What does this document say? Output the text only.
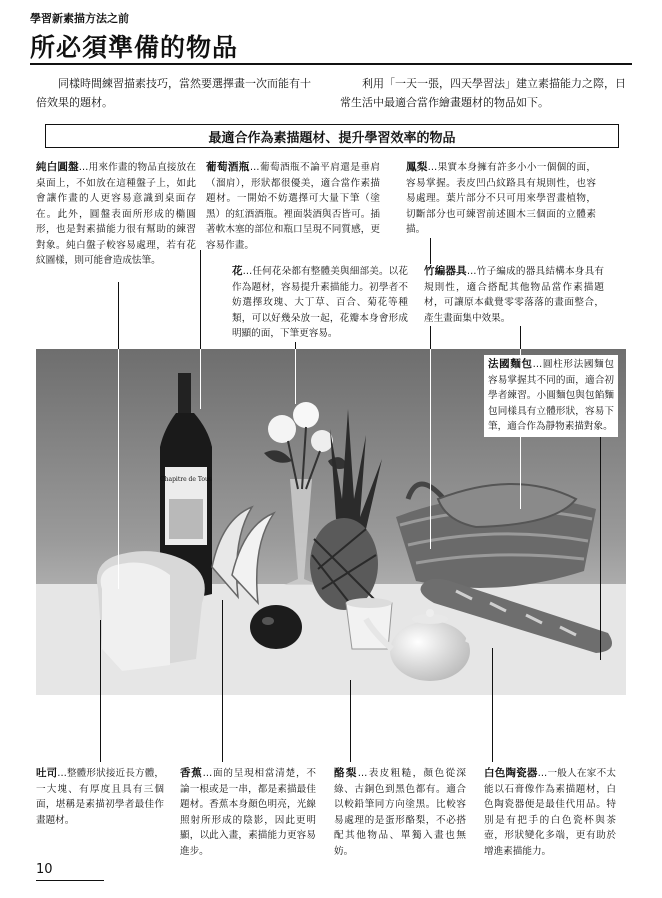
學習新素描方法之前
所必須準備的物品
同樣時間練習描素技巧，當然要選擇畫一次而能有十倍效果的題材。
利用「一天一張，四天學習法」建立素描能力之際，日常生活中最適合當作繪畫題材的物品如下。
最適合作為素描題材、提升學習效率的物品
Chapitre de Tous
純白圓盤…用來作畫的物品直接放在桌面上，不如放在這種盤子上，如此會讓作畫的人更容易意識到桌面存在。此外，圓盤表面所形成的橢圓形，也是對素描能力很有幫助的練習對象。純白盤子較容易處理，若有花紋圖樣，則可能會造成怯筆。
葡萄酒瓶…葡萄酒瓶不論平肩還是垂肩（溜肩），形狀都很優美，適合當作素描題材。一開始不妨選擇可大量下筆（塗黑）的紅酒酒瓶。裡面裝酒與否皆可。插著軟木塞的部位和瓶口呈現不同質感，更容易作畫。
鳳梨…果實本身擁有許多小小一個個的面，容易掌握。表皮凹凸紋路具有規則性，也容易處理。葉片部分不只可用來學習畫植物，切斷部分也可練習前述圓木三個面的立體素描。
花…任何花朵都有整體美與細部美。以花作為題材，容易提升素描能力。初學者不妨選擇玫瑰、大丁草、百合、菊花等種類，可以好幾朵放一起，花瓣本身會形成明顯的面，下筆更容易。
竹編器具…竹子編成的器具結構本身具有規則性，適合搭配其他物品當作素描題材，可讓原本截覺零零落落的畫面整合，產生畫面集中效果。
法國麵包…圓柱形法國麵包容易掌握其不同的面，適合初學者練習。小圓麵包與包餡麵包同樣具有立體形狀，容易下筆，適合作為靜物素描對象。
吐司…整體形狀接近長方體，一大塊、有厚度且具有三個面，堪稱是素描初學者最佳作畫題材。
香蕉…面的呈現相當清楚，不論一根或是一串，都是素描最佳題材。香蕉本身顏色明亮，光線照射所形成的陰影，因此更明顯，以此入畫，素描能力更容易進步。
酪梨…表皮粗糙，顏色從深綠、古銅色到黑色都有。適合以較鉛筆同方向塗黑。比較容易處理的是蛋形酪梨，不必搭配其他物品、單獨入畫也無妨。
白色陶瓷器…一般人在家不太能以石膏像作為素描題材，白色陶瓷器便是最佳代用品。特別是有把手的白色瓷杯與茶壺，形狀變化多端，更有助於增進素描能力。
10
